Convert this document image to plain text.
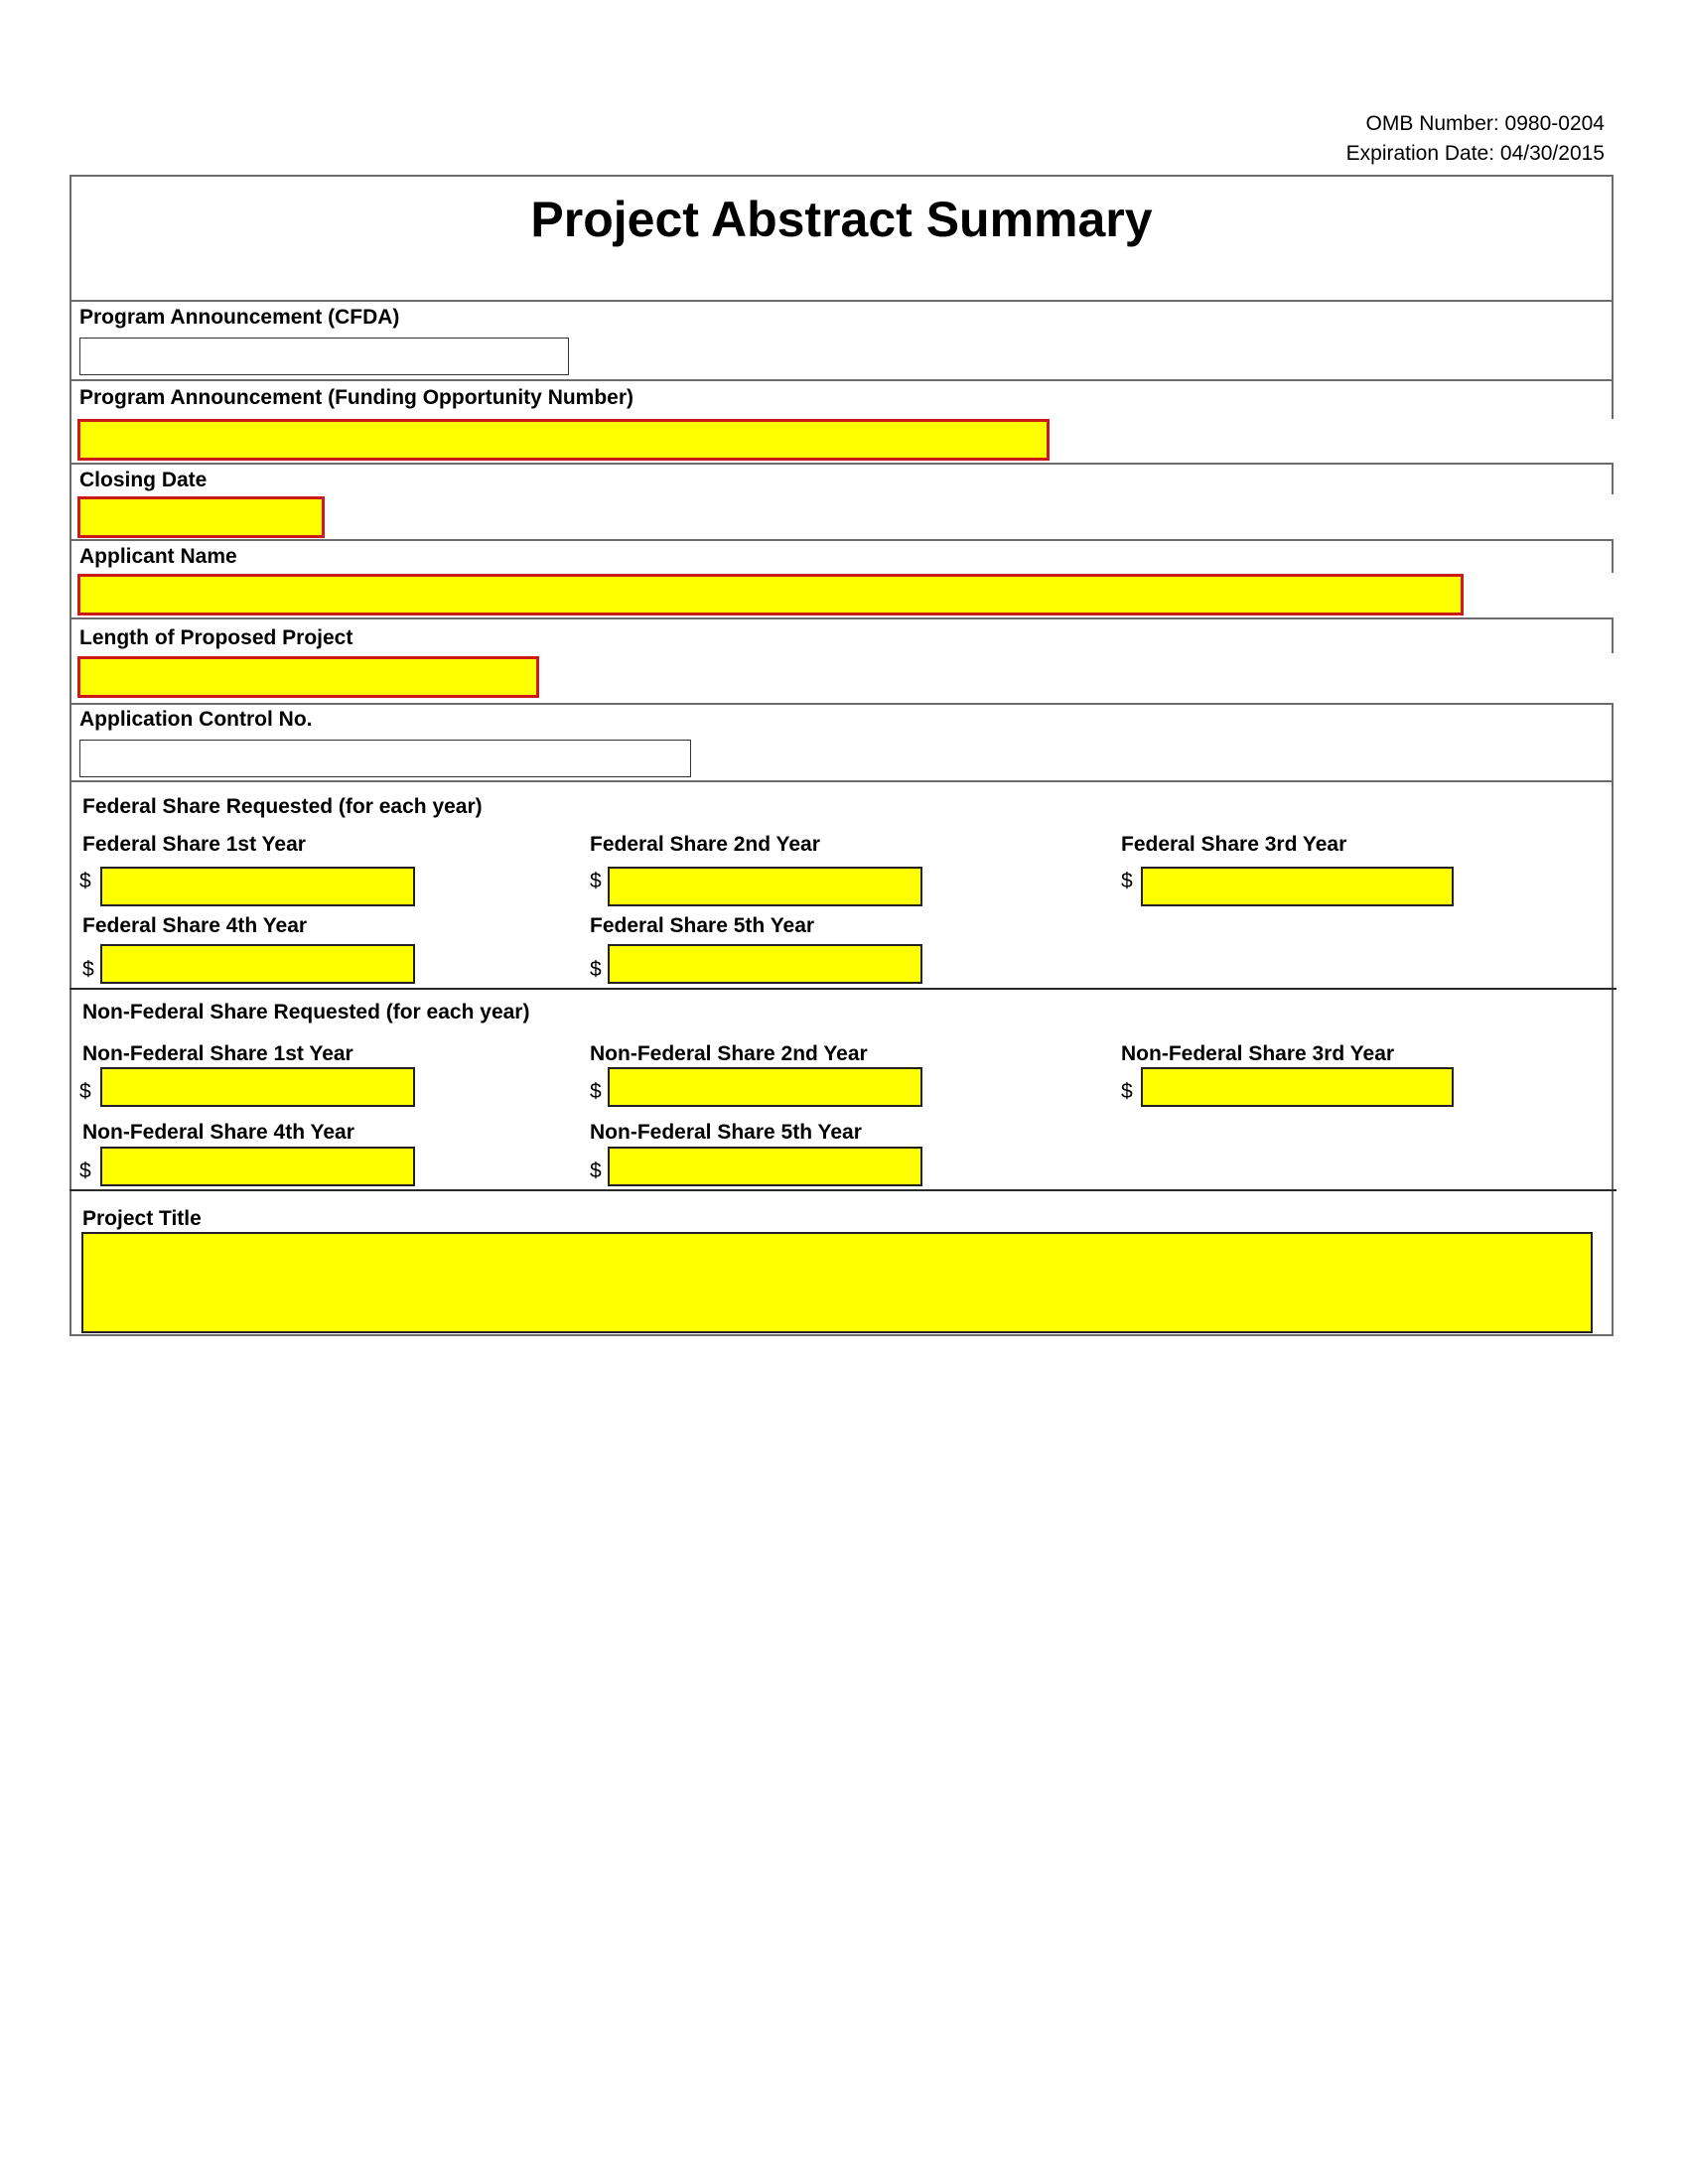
OMB Number: 0980-0204
Expiration Date: 04/30/2015
Project Abstract Summary
Program Announcement (CFDA)
Program Announcement (Funding Opportunity Number)
Closing Date
Applicant Name
Length of Proposed Project
Application Control No.
Federal Share Requested (for each year)
Federal Share 1st Year
$
Federal Share 2nd Year
$
Federal Share 3rd Year
$
Federal Share 4th Year
$
Federal Share 5th Year
$
Non-Federal Share Requested (for each year)
Non-Federal Share 1st Year
$
Non-Federal Share 2nd Year
$
Non-Federal Share 3rd Year
$
Non-Federal Share 4th Year
$
Non-Federal Share 5th Year
$
Project Title
